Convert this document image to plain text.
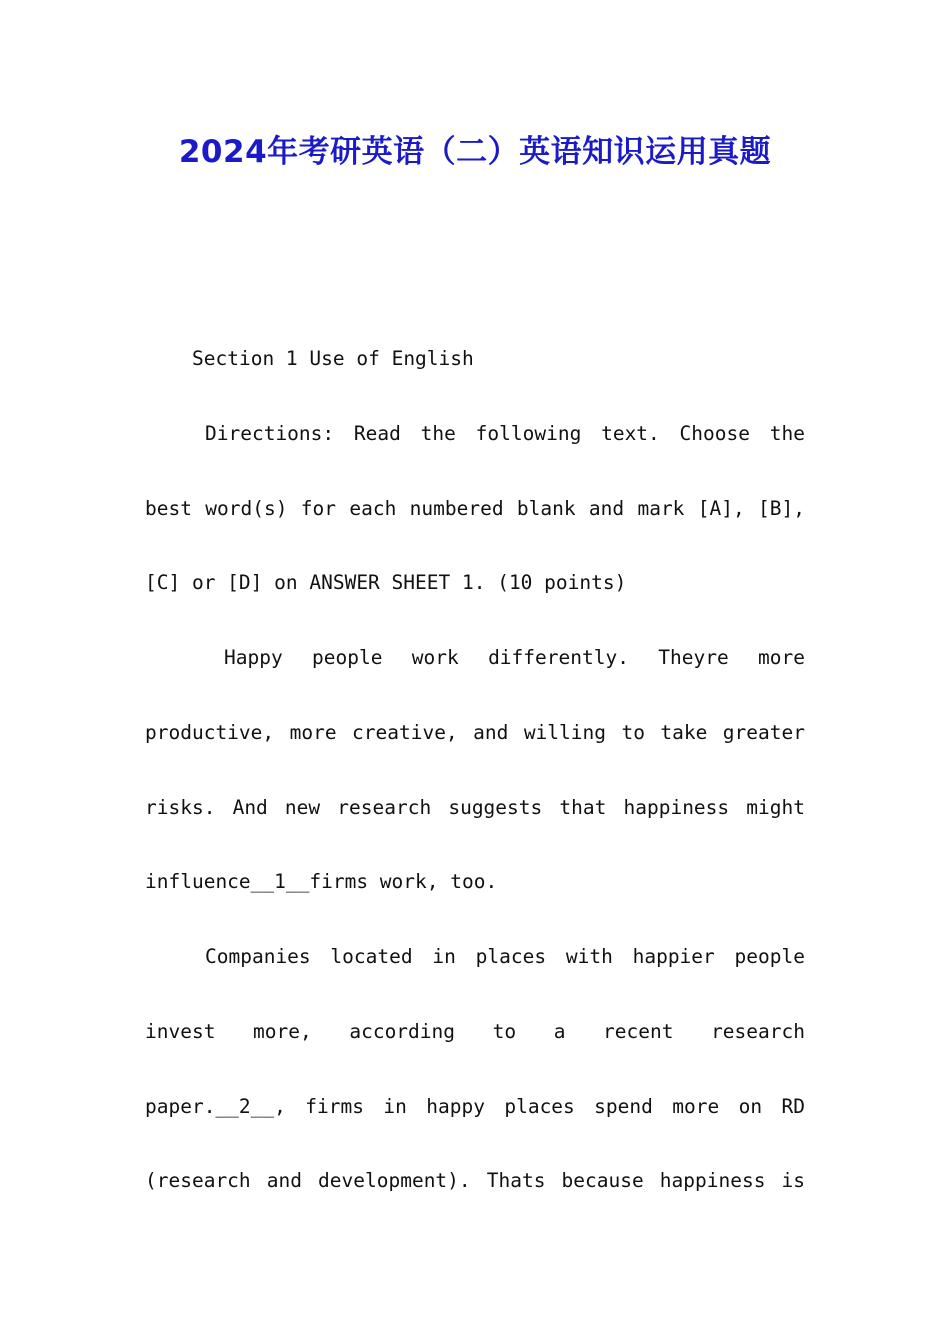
2024年考研英语（二）英语知识运用真题

Section 1 Use of English

Directions: Read the following text. Choose the

best word(s) for each numbered blank and mark [A], [B],

[C] or [D] on ANSWER SHEET 1. (10 points)

Happy people work differently. Theyre more

productive, more creative, and willing to take greater

risks. And new research suggests that happiness might

influence__1__firms work, too.

Companies located in places with happier people

invest more, according to a recent research

paper.__2__, firms in happy places spend more on RD

(research and development). Thats because happiness is
